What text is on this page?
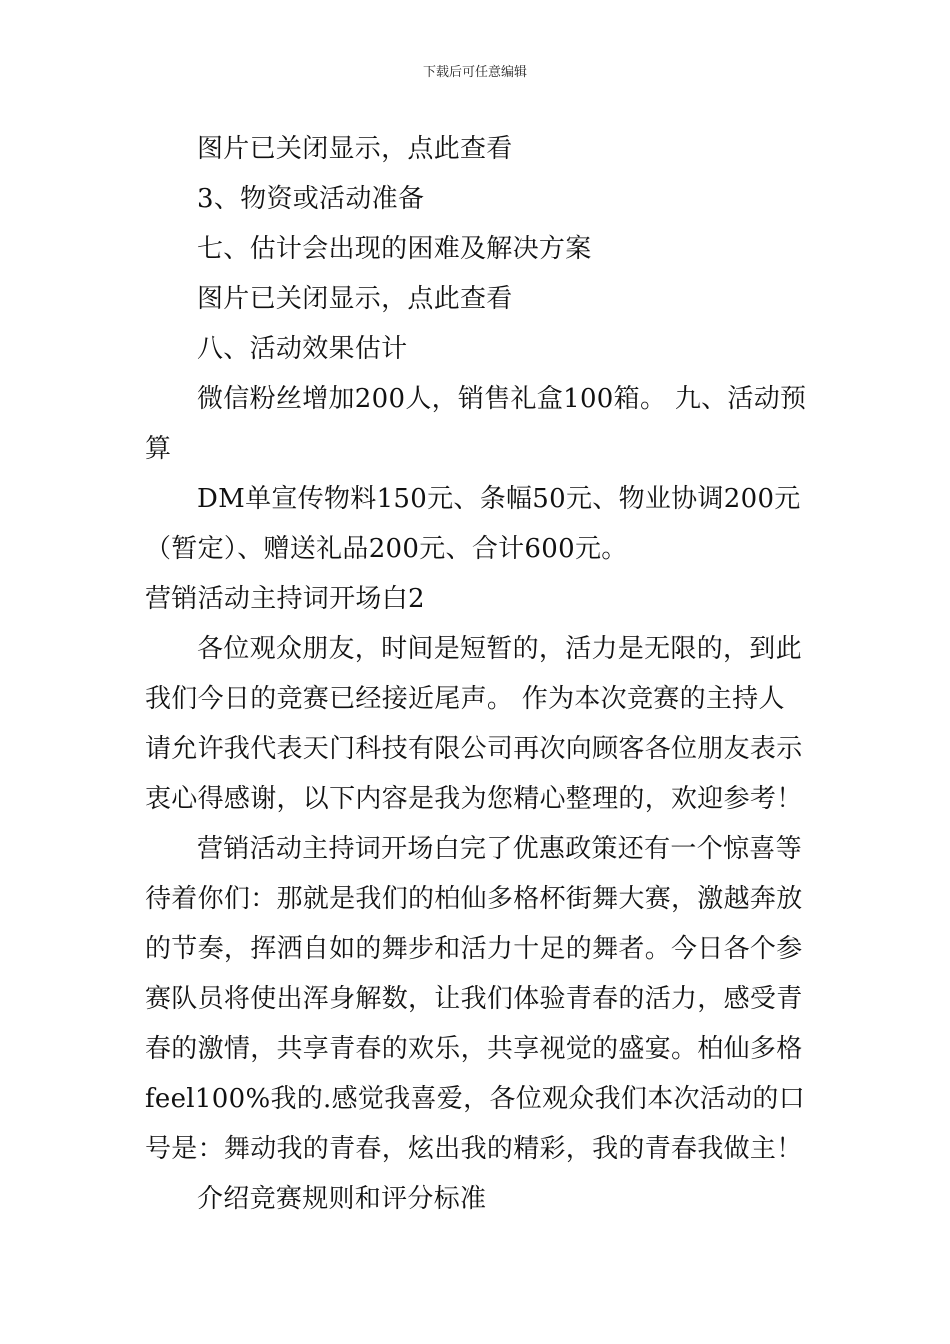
下载后可任意编辑

图片已关闭显示，点此查看

3、物资或活动准备

七、估计会出现的困难及解决方案

图片已关闭显示，点此查看

八、活动效果估计

微信粉丝增加200人，销售礼盒100箱。 九、活动预算

DM单宣传物料150元、条幅50元、物业协调200元（暂定）、赠送礼品200元、合计600元。

营销活动主持词开场白2

各位观众朋友，时间是短暂的，活力是无限的，到此我们今日的竞赛已经接近尾声。 作为本次竞赛的主持人请允许我代表天门科技有限公司再次向顾客各位朋友表示衷心得感谢，以下内容是我为您精心整理的，欢迎参考！

营销活动主持词开场白完了优惠政策还有一个惊喜等待着你们：那就是我们的柏仙多格杯街舞大赛，激越奔放的节奏，挥洒自如的舞步和活力十足的舞者。今日各个参赛队员将使出浑身解数，让我们体验青春的活力，感受青春的激情，共享青春的欢乐，共享视觉的盛宴。柏仙多格feel100%我的.感觉我喜爱，各位观众我们本次活动的口号是：舞动我的青春，炫出我的精彩，我的青春我做主！

介绍竞赛规则和评分标准
